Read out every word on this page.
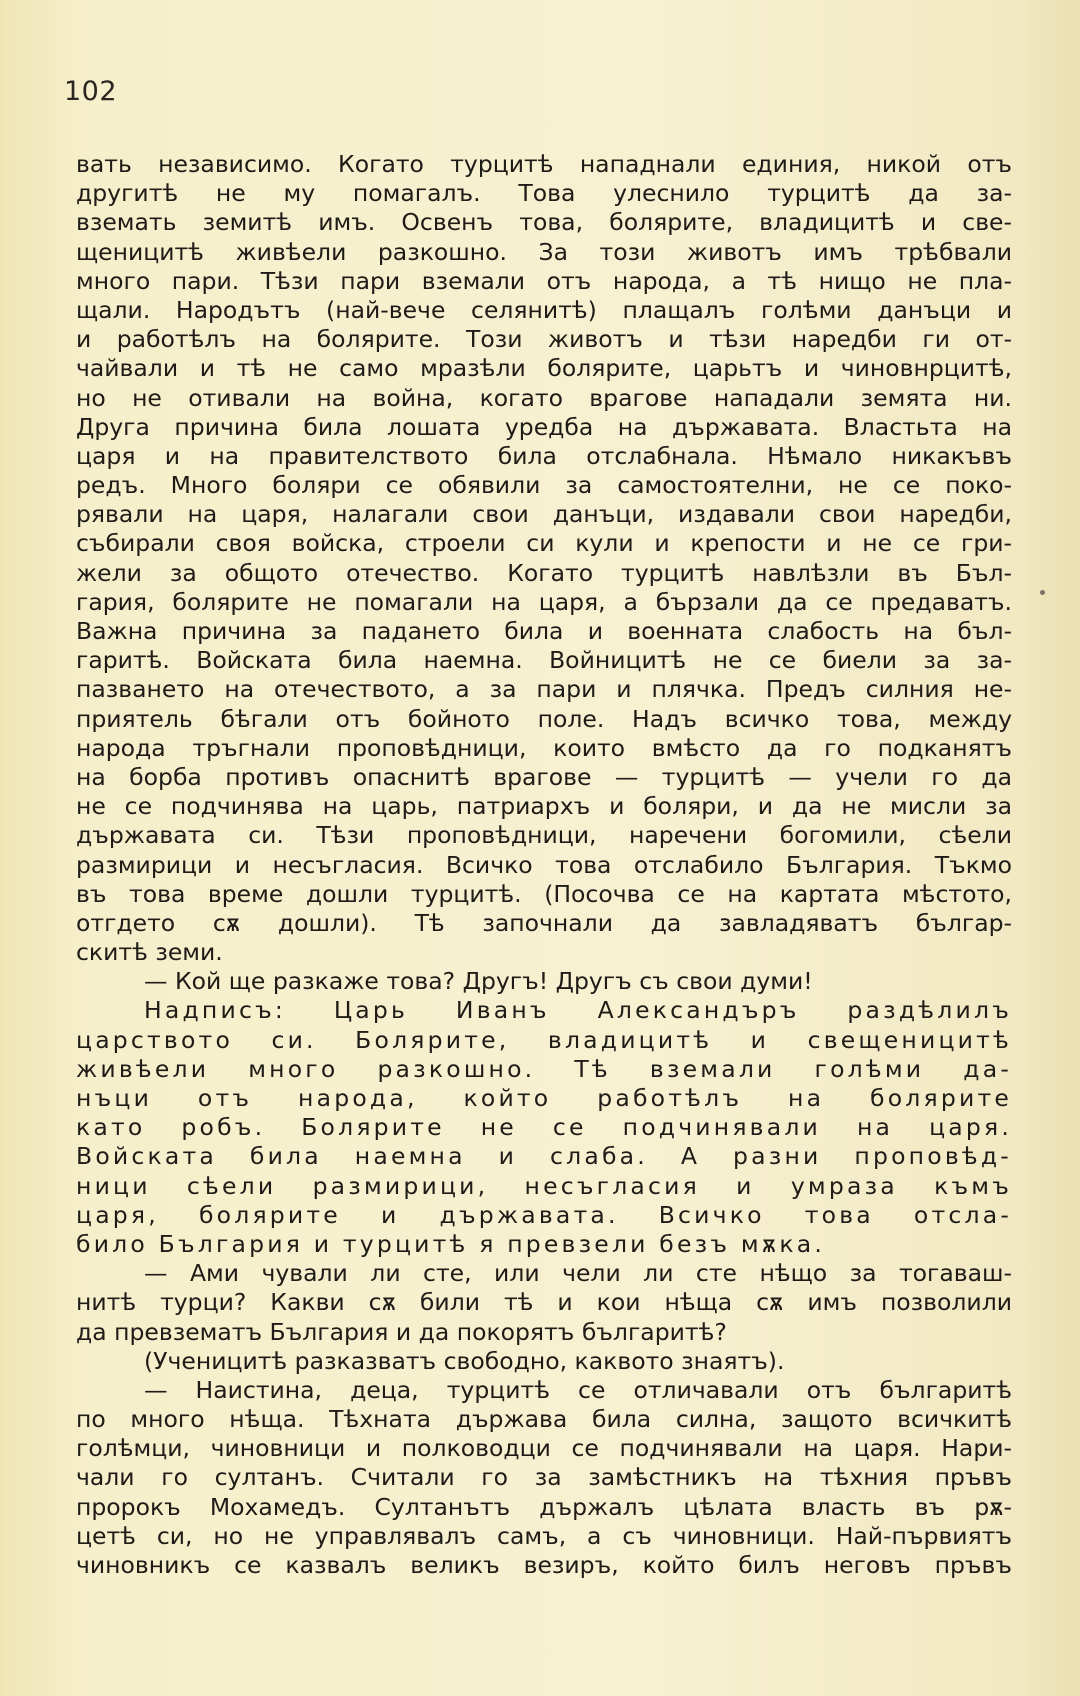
102
вать независимо. Когато турцитѣ нападнали единия, никой отъ
другитѣ не му помагалъ. Това улеснило турцитѣ да за-
вземать земитѣ имъ. Освенъ това, болярите, владицитѣ и све-
щеницитѣ живѣели разкошно. За този животъ имъ трѣбвали
много пари. Тѣзи пари вземали отъ народа, а тѣ нищо не пла-
щали. Народътъ (най-вече селянитѣ) плащалъ голѣми данъци и
и работѣлъ на болярите. Този животъ и тѣзи наредби ги от-
чайвали и тѣ не само мразѣли болярите, царьтъ и чиновнрцитѣ,
но не отивали на война, когато врагове нападали земята ни.
Друга причина била лошата уредба на държавата. Властьта на
царя и на правителството била отслабнала. Нѣмало никакъвъ
редъ. Много боляри се обявили за самостоятелни, не се поко-
рявали на царя, налагали свои данъци, издавали свои наредби,
събирали своя войска, строели си кули и крепости и не се гри-
жели за общото отечество. Когато турцитѣ навлѣзли въ Бъл-
гария, болярите не помагали на царя, а бързали да се предаватъ.
Важна причина за падането била и военната слабость на бъл-
гаритѣ. Войската била наемна. Войницитѣ не се биели за за-
пазването на отечеството, а за пари и плячка. Предъ силния не-
приятель бѣгали отъ бойното поле. Надъ всичко това, между
народа тръгнали проповѣдници, които вмѣсто да го подканятъ
на борба противъ опаснитѣ врагове — турцитѣ — учели го да
не се подчинява на царь, патриархъ и боляри, и да не мисли за
държавата си. Тѣзи проповѣдници, наречени богомили, сѣели
размирици и несъгласия. Всичко това отслабило България. Тъкмо
въ това време дошли турцитѣ. (Посочва се на картата мѣстото,
отгдето сѫ дошли). Тѣ започнали да завладяватъ българ-
скитѣ земи.
— Кой ще разкаже това? Другъ! Другъ съ свои думи!
Надписъ: Царь Иванъ Александъръ раздѣлилъ
царството си. Болярите, владицитѣ и свещеницитѣ
живѣели много разкошно. Тѣ вземали голѣми да-
нъци отъ народа, който работѣлъ на болярите
като робъ. Болярите не се подчинявали на царя.
Войската била наемна и слаба. А разни проповѣд-
ници сѣели размирици, несъгласия и умраза къмъ
царя, болярите и държавата. Всичко това отсла-
било България и турцитѣ я превзели безъ мѫка.
— Ами чували ли сте, или чели ли сте нѣщо за тогаваш-
нитѣ турци? Какви сѫ били тѣ и кои нѣща сѫ имъ позволили
да превзематъ България и да покорятъ българитѣ?
(Ученицитѣ разказватъ свободно, каквото знаятъ).
— Наистина, деца, турцитѣ се отличавали отъ българитѣ
по много нѣща. Тѣхната държава била силна, защото всичкитѣ
голѣмци, чиновници и полководци се подчинявали на царя. Нари-
чали го султанъ. Считали го за замѣстникъ на тѣхния пръвъ
пророкъ Мохамедъ. Султанътъ държалъ цѣлата власть въ рѫ-
цетѣ си, но не управлявалъ самъ, а съ чиновници. Най-първиятъ
чиновникъ се казвалъ великъ везиръ, който билъ неговъ пръвъ
